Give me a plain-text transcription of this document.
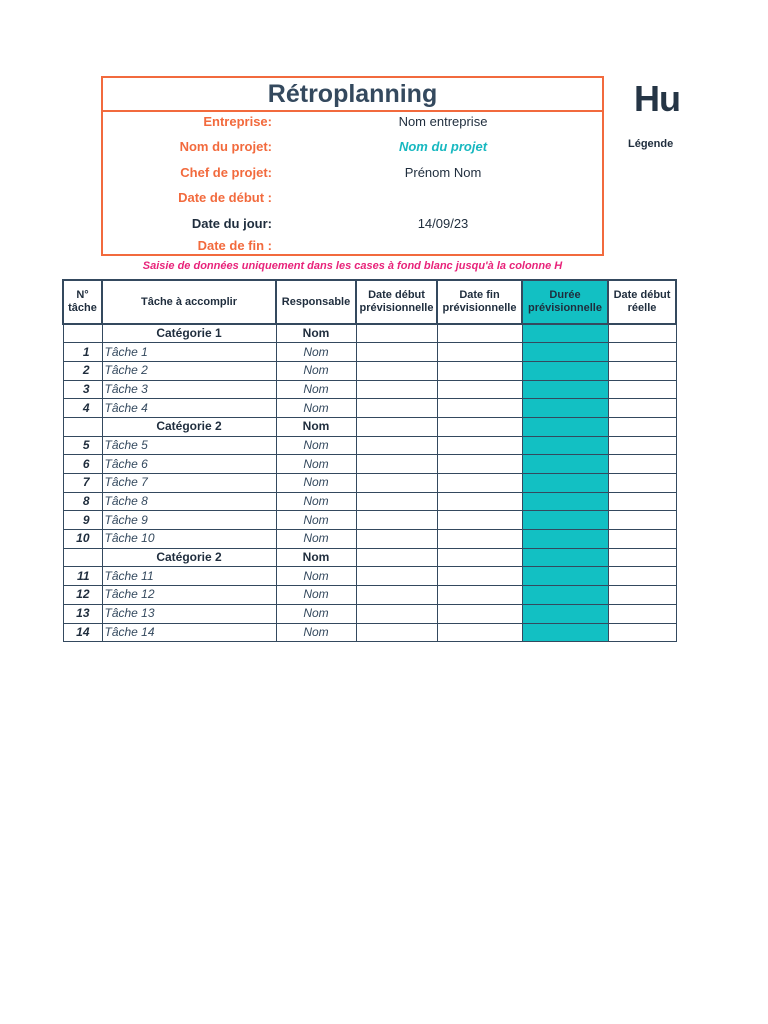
Rétroplanning
Entreprise:	Nom entreprise
Nom du projet:	Nom du projet
Chef de projet:	Prénom Nom
Date de début :
Date du jour:	14/09/23
Date de fin :
Hu
Légende
Saisie de données uniquement dans les cases à fond blanc jusqu'à la colonne H
N° tâche	Tâche à accomplir	Responsable	Date début prévisionnelle	Date fin prévisionnelle	Durée prévisionnelle	Date début réelle
	Catégorie 1	Nom				
1	Tâche 1	Nom				
2	Tâche 2	Nom				
3	Tâche 3	Nom				
4	Tâche 4	Nom				
	Catégorie 2	Nom				
5	Tâche 5	Nom				
6	Tâche 6	Nom				
7	Tâche 7	Nom				
8	Tâche 8	Nom				
9	Tâche 9	Nom				
10	Tâche 10	Nom				
	Catégorie 2	Nom				
11	Tâche 11	Nom				
12	Tâche 12	Nom				
13	Tâche 13	Nom				
14	Tâche 14	Nom				
